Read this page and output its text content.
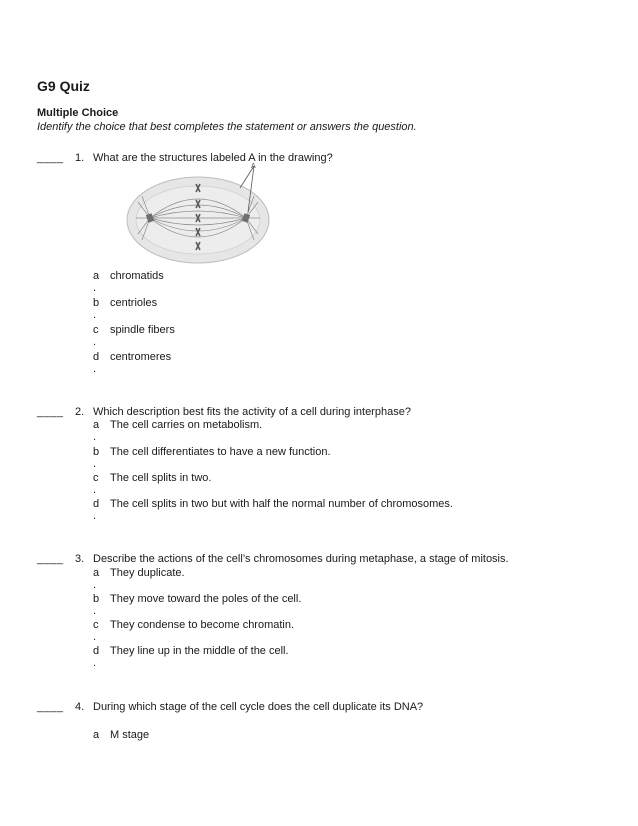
G9 Quiz
Multiple Choice
Identify the choice that best completes the statement or answers the question.
____ 1. What are the structures labeled A in the drawing?
A
a chromatids
.
b centrioles
.
c spindle fibers
.
d centromeres
.
____ 2. Which description best fits the activity of a cell during interphase?
a The cell carries on metabolism.
.
b The cell differentiates to have a new function.
.
c The cell splits in two.
.
d The cell splits in two but with half the normal number of chromosomes.
.
____ 3. Describe the actions of the cell’s chromosomes during metaphase, a stage of mitosis.
a They duplicate.
.
b They move toward the poles of the cell.
.
c They condense to become chromatin.
.
d They line up in the middle of the cell.
.
____ 4. During which stage of the cell cycle does the cell duplicate its DNA?
a M stage
